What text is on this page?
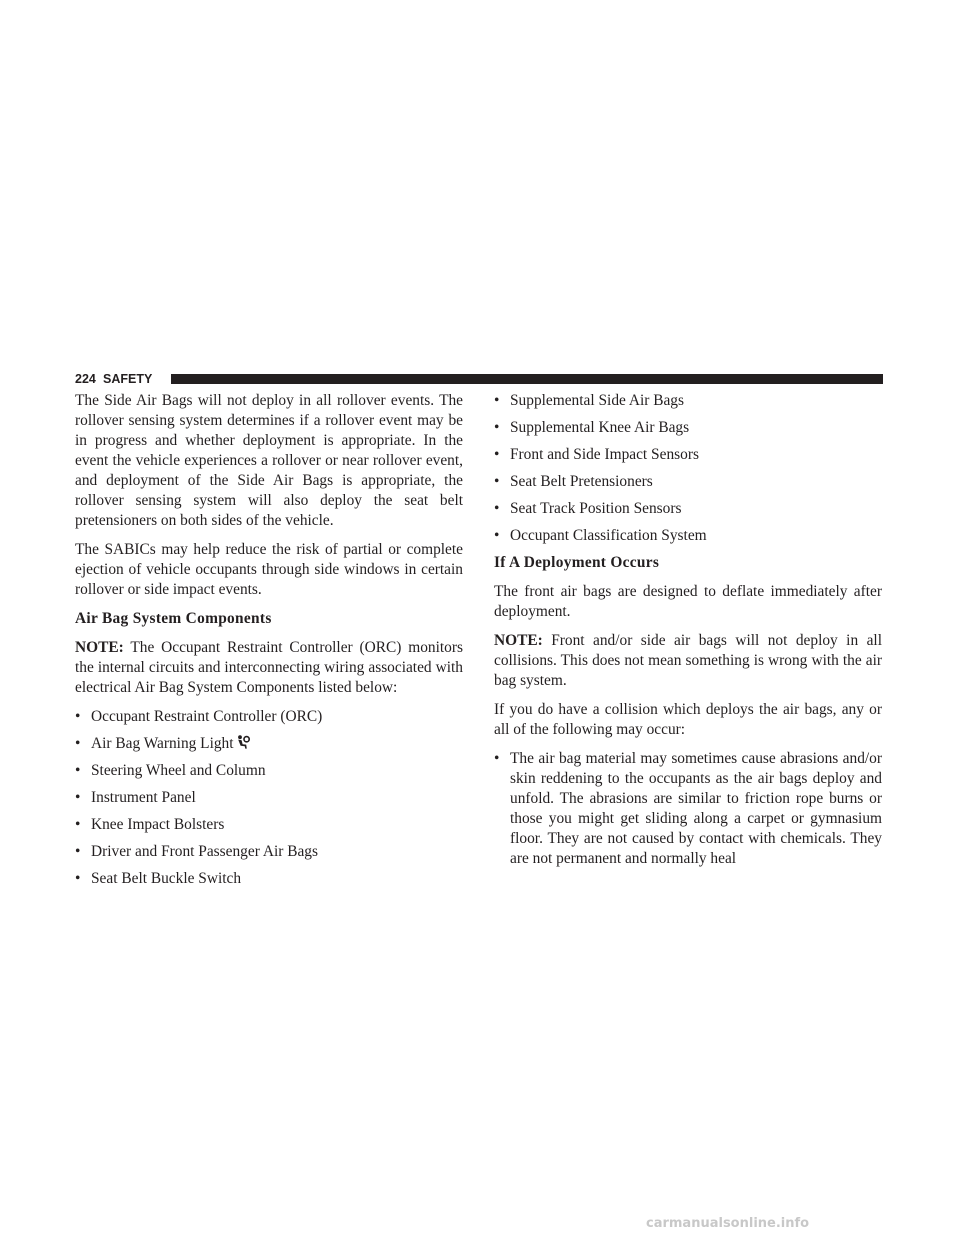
224 SAFETY

The Side Air Bags will not deploy in all rollover events. The rollover sensing system determines if a rollover event may be in progress and whether deployment is appropriate. In the event the vehicle experiences a rollover or near rollover event, and deployment of the Side Air Bags is appropriate, the rollover sensing system will also deploy the seat belt pretensioners on both sides of the vehicle.

The SABICs may help reduce the risk of partial or complete ejection of vehicle occupants through side windows in certain rollover or side impact events.

Air Bag System Components

NOTE: The Occupant Restraint Controller (ORC) monitors the internal circuits and interconnecting wiring associated with electrical Air Bag System Components listed below:

• Occupant Restraint Controller (ORC)
• Air Bag Warning Light
• Steering Wheel and Column
• Instrument Panel
• Knee Impact Bolsters
• Driver and Front Passenger Air Bags
• Seat Belt Buckle Switch
• Supplemental Side Air Bags
• Supplemental Knee Air Bags
• Front and Side Impact Sensors
• Seat Belt Pretensioners
• Seat Track Position Sensors
• Occupant Classification System
If A Deployment Occurs

The front air bags are designed to deflate immediately after deployment.

NOTE: Front and/or side air bags will not deploy in all collisions. This does not mean something is wrong with the air bag system.

If you do have a collision which deploys the air bags, any or all of the following may occur:

• The air bag material may sometimes cause abrasions and/or skin reddening to the occupants as the air bags deploy and unfold. The abrasions are similar to friction rope burns or those you might get sliding along a carpet or gymnasium floor. They are not caused by contact with chemicals. They are not permanent and normally heal
carmanualsonline.info
